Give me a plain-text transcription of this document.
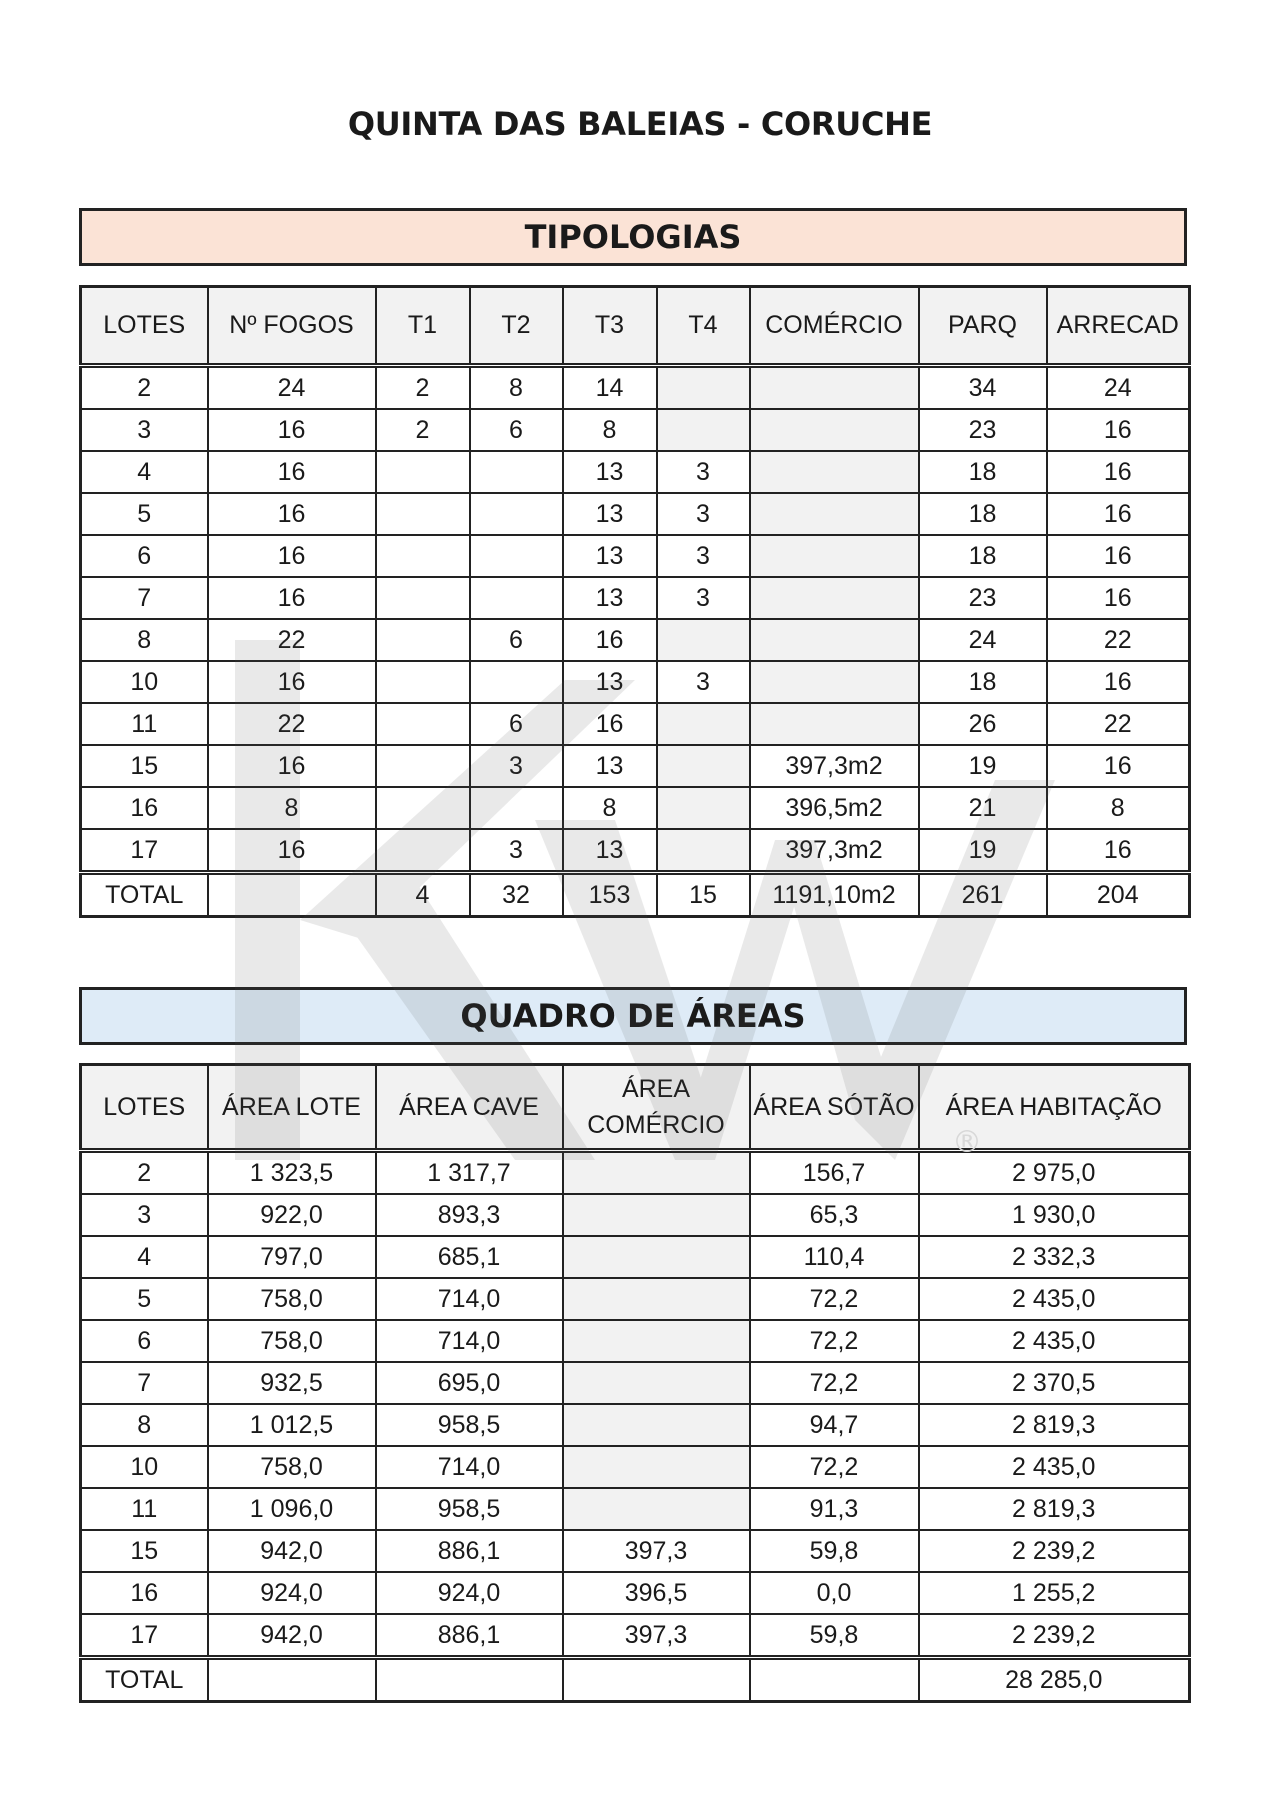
QUINTA DAS BALEIAS - CORUCHE
TIPOLOGIAS
LOTES	Nº FOGOS	T1	T2	T3	T4	COMÉRCIO	PARQ	ARRECAD
2	24	2	8	14			34	24
3	16	2	6	8			23	16
4	16			13	3		18	16
5	16			13	3		18	16
6	16			13	3		18	16
7	16			13	3		23	16
8	22		6	16			24	22
10	16			13	3		18	16
11	22		6	16			26	22
15	16		3	13		397,3m2	19	16
16	8			8		396,5m2	21	8
17	16		3	13		397,3m2	19	16
TOTAL		4	32	153	15	1191,10m2	261	204
QUADRO DE ÁREAS
LOTES	ÁREA LOTE	ÁREA CAVE	ÁREA COMÉRCIO	ÁREA SÓTÃO	ÁREA HABITAÇÃO
2	1 323,5	1 317,7		156,7	2 975,0
3	922,0	893,3		65,3	1 930,0
4	797,0	685,1		110,4	2 332,3
5	758,0	714,0		72,2	2 435,0
6	758,0	714,0		72,2	2 435,0
7	932,5	695,0		72,2	2 370,5
8	1 012,5	958,5		94,7	2 819,3
10	758,0	714,0		72,2	2 435,0
11	1 096,0	958,5		91,3	2 819,3
15	942,0	886,1	397,3	59,8	2 239,2
16	924,0	924,0	396,5	0,0	1 255,2
17	942,0	886,1	397,3	59,8	2 239,2
TOTAL					28 285,0
®
